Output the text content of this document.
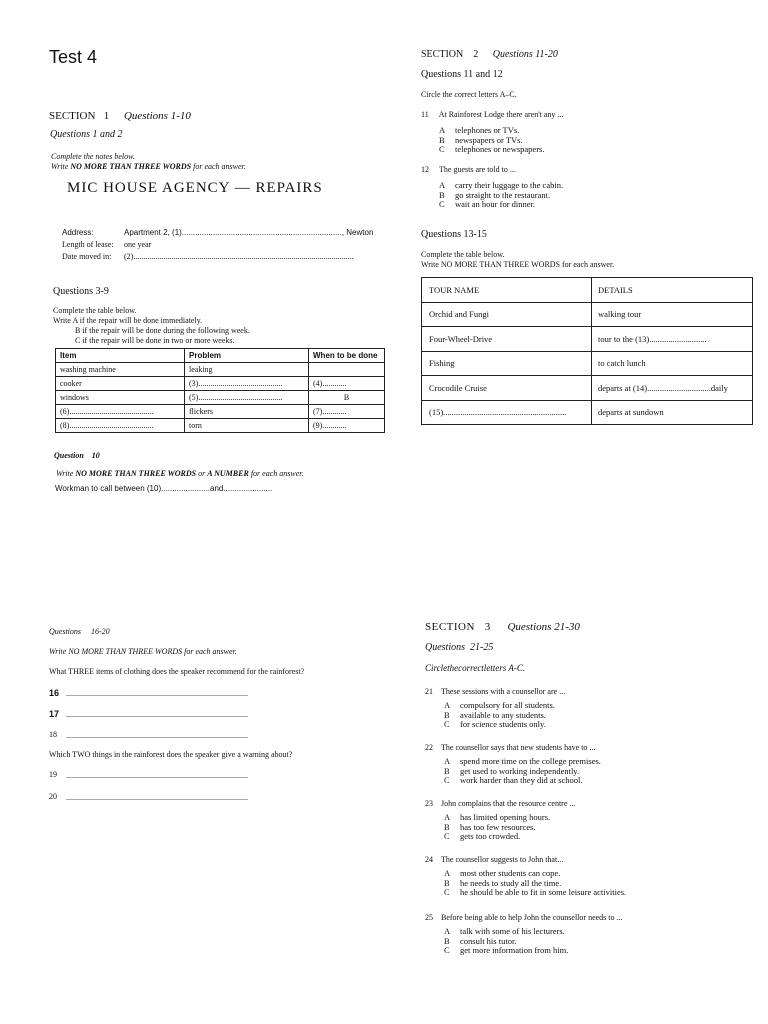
Test 4
SECTION   1 Questions 1-10
Questions 1 and 2
Complete the notes below.
Write NO MORE THAN THREE WORDS for each answer.
MIC HOUSE AGENCY — REPAIRS
Address:	Apartment 2, (1)........................................................................, Newton
Length of lease: one year
Date moved in: (2)..............................................................................................................
Questions 3-9
Complete the table below.
Write A if the repair will be done immediately.
B if the repair will be done during the following week.
C if the repair will be done in two or more weeks.
Item	Problem	When to be done
washing machine	leaking	
cooker	(3)..........................................	(4)............
windows	(5)..........................................	B
(6)..........................................	flickers	(7)............
(8)..........................................	torn	(9)............
Question    10
Write NO MORE THAN THREE WORDS or A NUMBER for each answer.
Workman to call between (10)......................and......................
SECTION    2 Questions 11-20
Questions 11 and 12
Circle the correct letters A–C.
11 At Rainforest Lodge there aren't any ...
A	telephones or TVs.
B	newspapers or TVs.
C	telephones or newspapers.
12 The guests are told to ...
A	carry their luggage to the cabin.
B	go straight to the restaurant.
C	wait an hour for dinner.
Questions 13-15
Complete the table below.
Write NO MORE THAN THREE WORDS for each answer.
TOUR NAME	DETAILS
Orchid and Fungi	walking tour
Four-Wheel-Drive	tour to the (13)...........................
Fishing	to catch lunch
Crocodile Cruise	departs at (14)..............................daily
(15)..........................................................	departs at sundown
Questions     16-20
Write NO MORE THAN THREE WORDS for each answer.
What THREE items of clothing does the speaker recommend for the rainforest?
16 ...........................................................................................
17 ...........................................................................................
18 ...........................................................................................
Which TWO things in the rainforest does the speaker give a warning about?
19 ...........................................................................................
20 ...........................................................................................
SECTION   3 Questions 21-30
Questions  21-25
Circlethecorrectletters A-C.
21 These sessions with a counsellor are ...
A	compulsory for all students.
B	available to any students.
C	for science students only.
22 The counsellor says that new students have to ...
A	spend more time on the college premises.
B	get used to working independently.
C	work harder than they did at school.
23 John complains that the resource centre ...
A	has limited opening hours.
B	has too few resources.
C	gets too crowded.
24 The counsellor suggests to John that...
A	most other students can cope.
B	he needs to study all the time.
C	he should be able to fit in some leisure activities.
25 Before being able to help John the counsellor needs to ...
A	talk with some of his lecturers.
B	consult his tutor.
C	get more information from him.
